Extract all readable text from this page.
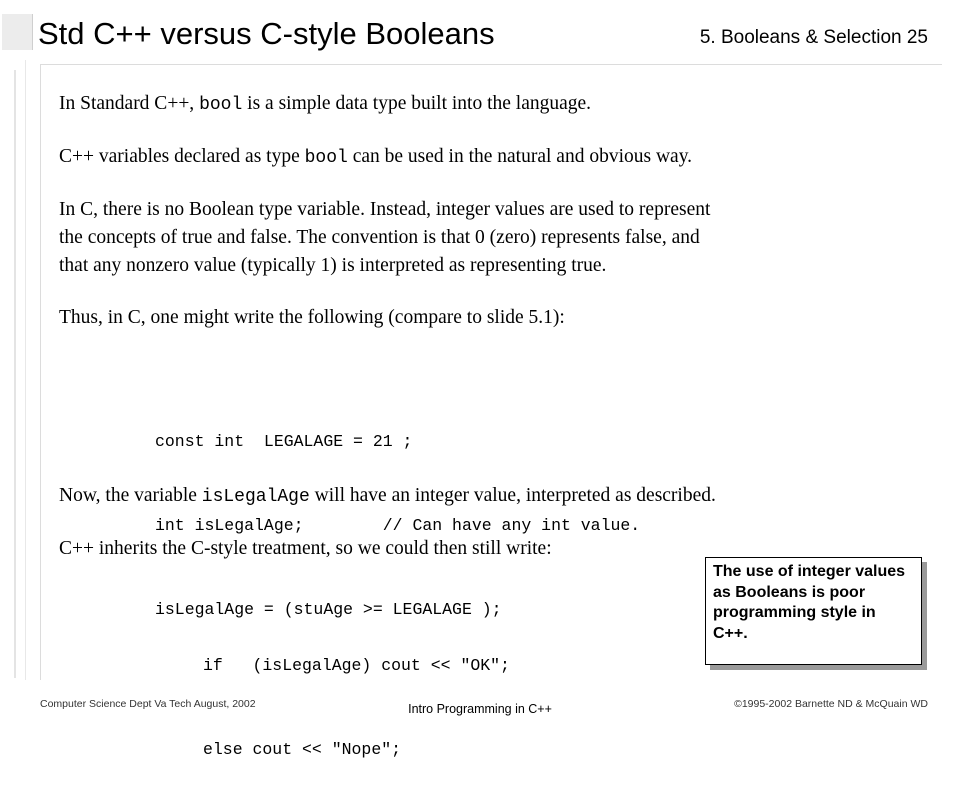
Std C++ versus C-style Booleans	5. Booleans & Selection 25

In Standard C++, bool is a simple data type built into the language.

C++ variables declared as type bool can be used in the natural and obvious way.

In C, there is no Boolean type variable. Instead, integer values are used to represent
the concepts of true and false. The convention is that 0 (zero) represents false, and
that any nonzero value (typically 1) is interpreted as representing true.

Thus, in C, one might write the following (compare to slide 5.1):

const int  LEGALAGE = 21 ;

int isLegalAge;        // Can have any int value.

isLegalAge = (stuAge >= LEGALAGE );

Now, the variable isLegalAge will have an integer value, interpreted as described.

C++ inherits the C-style treatment, so we could then still write:

if   (isLegalAge) cout << "OK";

else cout << "Nope";

The use of integer values as Booleans is poor programming style in C++.
Computer Science Dept Va Tech August, 2002	Intro Programming in C++	©1995-2002 Barnette ND & McQuain WD
